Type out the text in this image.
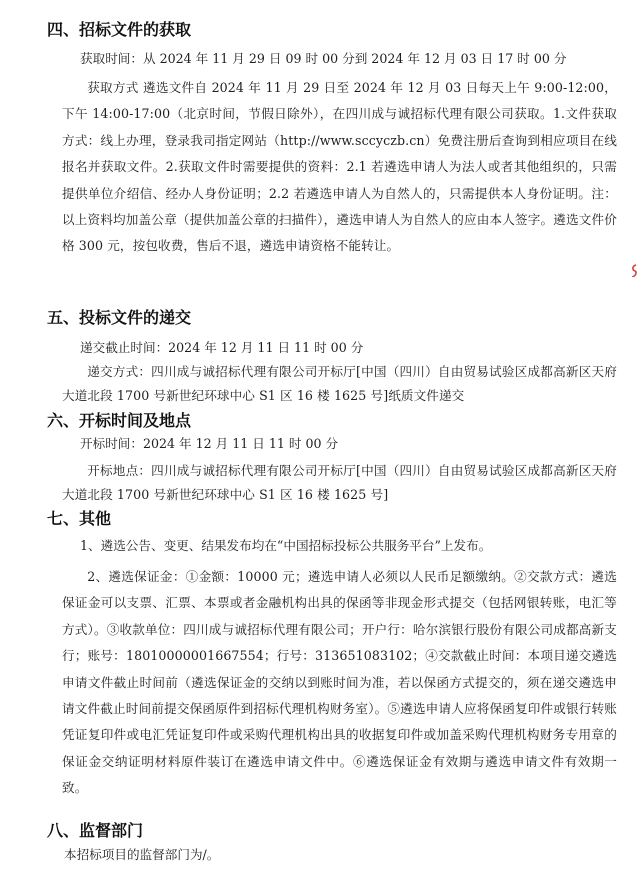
四、招标文件的获取
获取时间：从 2024 年 11 月 29 日 09 时 00 分到 2024 年 12 月 03 日 17 时 00 分
获取方式 遴选文件自 2024 年 11 月 29 日至 2024 年 12 月 03 日每天上午 9:00-12:00，下午 14:00-17:00（北京时间，节假日除外），在四川成与诚招标代理有限公司获取。1.文件获取方式：线上办理，登录我司指定网站（http://www.sccyczb.cn）免费注册后查询到相应项目在线报名并获取文件。2.获取文件时需要提供的资料：2.1 若遴选申请人为法人或者其他组织的，只需提供单位介绍信、经办人身份证明；2.2 若遴选申请人为自然人的，只需提供本人身份证明。注：以上资料均加盖公章（提供加盖公章的扫描件），遴选申请人为自然人的应由本人签字。遴选文件价格 300 元，按包收费，售后不退，遴选申请资格不能转让。
五、投标文件的递交
递交截止时间：2024 年 12 月 11 日 11 时 00 分
递交方式：四川成与诚招标代理有限公司开标厅[中国（四川）自由贸易试验区成都高新区天府大道北段 1700 号新世纪环球中心 S1 区 16 楼 1625 号]纸质文件递交
六、开标时间及地点
开标时间：2024 年 12 月 11 日 11 时 00 分
开标地点：四川成与诚招标代理有限公司开标厅[中国（四川）自由贸易试验区成都高新区天府大道北段 1700 号新世纪环球中心 S1 区 16 楼 1625 号]
七、其他
1、遴选公告、变更、结果发布均在“中国招标投标公共服务平台”上发布。
2、遴选保证金：①金额：10000 元；遴选申请人必须以人民币足额缴纳。②交款方式：遴选保证金可以支票、汇票、本票或者金融机构出具的保函等非现金形式提交（包括网银转账，电汇等方式）。③收款单位：四川成与诚招标代理有限公司；开户行：哈尔滨银行股份有限公司成都高新支行；账号：18010000001667554；行号：313651083102；④交款截止时间：本项目递交遴选申请文件截止时间前（遴选保证金的交纳以到账时间为准，若以保函方式提交的，须在递交遴选申请文件截止时间前提交保函原件到招标代理机构财务室）。⑤遴选申请人应将保函复印件或银行转账凭证复印件或电汇凭证复印件或采购代理机构出具的收据复印件或加盖采购代理机构财务专用章的保证金交纳证明材料原件装订在遴选申请文件中。⑥遴选保证金有效期与遴选申请文件有效期一致。
八、监督部门
本招标项目的监督部门为/。
